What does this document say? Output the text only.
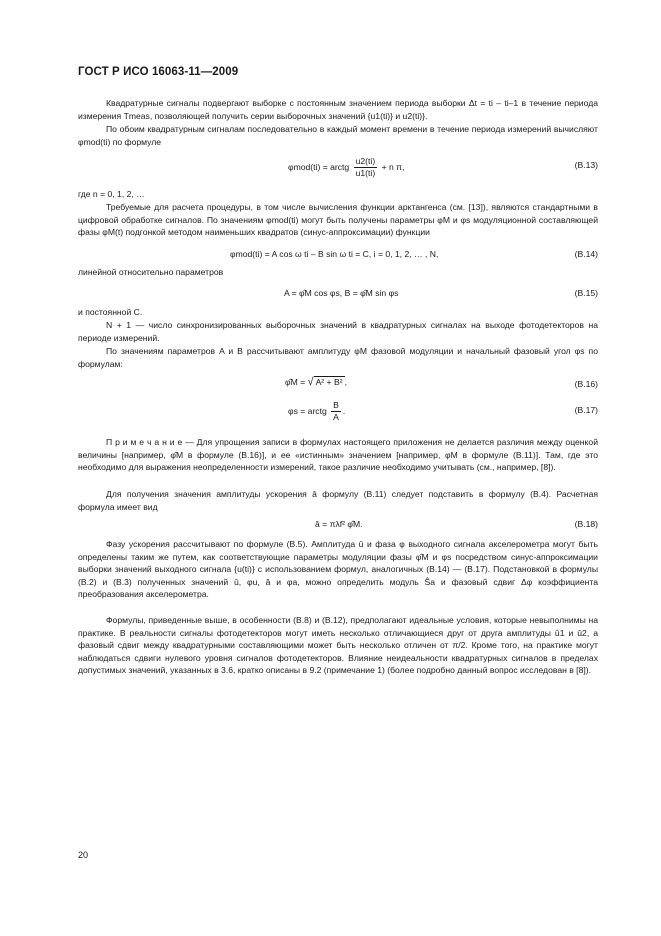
ГОСТ Р ИСО 16063-11—2009

Квадратурные сигналы подвергают выборке с постоянным значением периода выборки Δt = ti – ti–1 в течение периода измерения Tmeas, позволяющей получить серии выборочных значений {u1(ti)} и u2(ti)}.

По обоим квадратурным сигналам последовательно в каждый момент времени в течение периода измерений вычисляют φmod(ti) по формуле

φmod(ti) = arctg $\frac{u2(ti)}{u1(ti)} + n$ π,	(B.13)

где n = 0, 1, 2, …

Требуемые для расчета процедуры, в том числе вычисления функции арктангенса (см. [13]), являются стандартными в цифровой обработке сигналов. По значениям φmod(ti) могут быть получены параметры φM и φs модуляционной составляющей фазы φM(t) подгонкой методом наименьших квадратов (синус-аппроксимации) функции

φmod(ti) = A cos ω ti – B sin ω ti = C, i = 0, 1, 2, … , N,	(B.14)

линейной относительно параметров

A = φ̂M cos φs, B = φ̂M sin φs	(B.15)

и постоянной C.

N + 1 — число синхронизированных выборочных значений в квадратурных сигналах на выходе фотодетекторов на периоде измерений.

По значениям параметров A и B рассчитывают амплитуду φM фазовой модуляции и начальный фазовый угол φs по формулам:

φ̂M = √ A² + B² ,	(B.16)
φs = arctg $\frac{B}{A}$ .	(B.17)

П р и м е ч а н и е — Для упрощения записи в формулах настоящего приложения не делается различия между оценкой величины [например, φ̂M в формуле (B.16)], и ее «истинным» значением [например, φM в формуле (B.11)]. Там, где это необходимо для выражения неопределенности измерений, такое различие необходимо учитывать (см., например, [8]).

Для получения значения амплитуды ускорения â формулу (B.11) следует подставить в формулу (B.4). Расчетная формула имеет вид

â = πλf² φ̂M.	(B.18)

Фазу ускорения рассчитывают по формуле (B.5). Амплитуда û и фаза φ выходного сигнала акселерометра могут быть определены таким же путем, как соответствующие параметры модуляции фазы φ̂M и φs посредством синус-аппроксимации выборки значений выходного сигнала {u(ti)} с использованием формул, аналогичных (B.14) — (B.17). Подстановкой в формулы (B.2) и (B.3) полученных значений û, φu, â и φa, можно определить модуль Ŝa и фазовый сдвиг Δφ коэффициента преобразования акселерометра.

Формулы, приведенные выше, в особенности (B.8) и (B.12), предполагают идеальные условия, которые невыполнимы на практике. В реальности сигналы фотодетекторов могут иметь несколько отличающиеся друг от друга амплитуды û1 и û2, а фазовый сдвиг между квадратурными составляющими может быть несколько отличен от π/2. Кроме того, на практике могут наблюдаться сдвиги нулевого уровня сигналов фотодетекторов. Влияние неидеальности квадратурных сигналов в пределах допустимых значений, указанных в 3.6, кратко описаны в 9.2 (примечание 1) (более подробно данный вопрос исследован в [8]).

20
